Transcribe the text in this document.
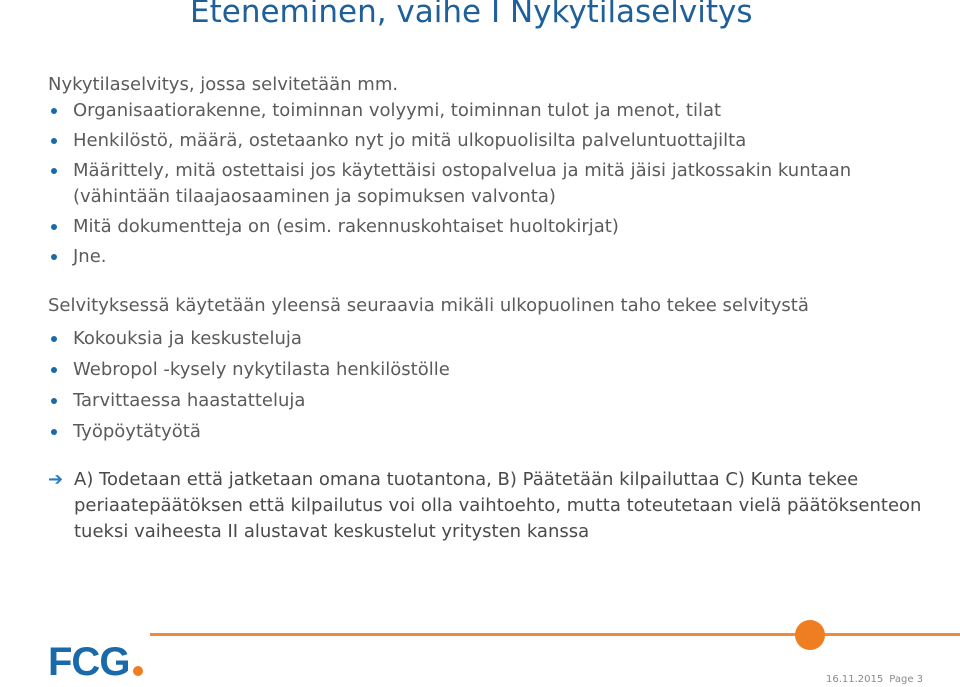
Eteneminen, vaihe I Nykytilaselvitys

Nykytilaselvitys, jossa selvitetään mm.

Organisaatiorakenne, toiminnan volyymi, toiminnan tulot ja menot, tilat
Henkilöstö, määrä, ostetaanko nyt jo mitä ulkopuolisilta palveluntuottajilta
Määrittely, mitä ostettaisi jos käytettäisi ostopalvelua ja mitä jäisi jatkossakin kuntaan (vähintään tilaajaosaaminen ja sopimuksen valvonta)
Mitä dokumentteja on (esim. rakennuskohtaiset huoltokirjat)
Jne.

Selvityksessä käytetään yleensä seuraavia mikäli ulkopuolinen taho tekee selvitystä

Kokouksia ja keskusteluja
Webropol -kysely nykytilasta henkilöstölle
Tarvittaessa haastatteluja
Työpöytätyötä
➔ A) Todetaan että jatketaan omana tuotantona, B) Päätetään kilpailuttaa C) Kunta tekee periaatepäätöksen että kilpailutus voi olla vaihtoehto, mutta toteutetaan vielä päätöksenteon tueksi vaiheesta II alustavat keskustelut yritysten kanssa
FCG	16.11.2015 Page 3
